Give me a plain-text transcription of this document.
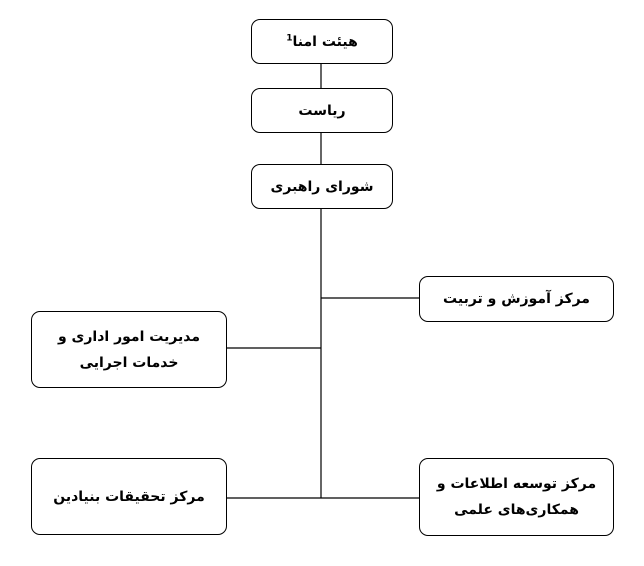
هیئت امنا$^1$
ریاست
شورای راهبری
مرکز آموزش و تربیت
مدیریت امور اداری و
خدمات اجرایی
مرکز تحقیقات بنیادین
مرکز توسعه اطلاعات و
همکاری‌های علمی
